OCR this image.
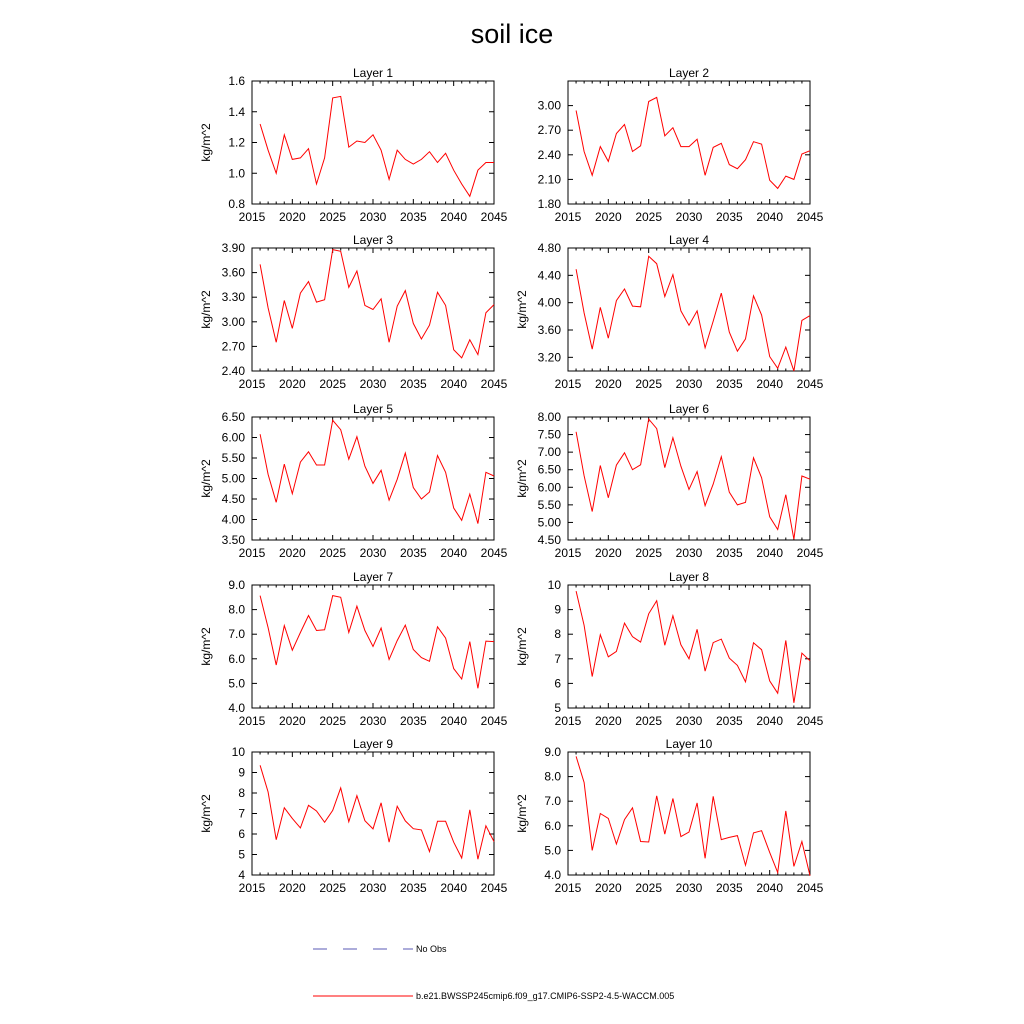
soil ice
Layer 1
2015 2020 2025 2030 2035 2040 2045
0.8
1.0
1.2
1.4
1.6
kg/m^2
Layer 2
2015 2020 2025 2030 2035 2040 2045
1.80
2.10
2.40
2.70
3.00
Layer 3
2015 2020 2025 2030 2035 2040 2045
2.40
2.70
3.00
3.30
3.60
3.90
kg/m^2
Layer 4
2015 2020 2025 2030 2035 2040 2045
3.20
3.60
4.00
4.40
4.80
kg/m^2
Layer 5
2015 2020 2025 2030 2035 2040 2045
3.50
4.00
4.50
5.00
5.50
6.00
6.50
kg/m^2
Layer 6
2015 2020 2025 2030 2035 2040 2045
4.50
5.00
5.50
6.00
6.50
7.00
7.50
8.00
kg/m^2
Layer 7
2015 2020 2025 2030 2035 2040 2045
4.0
5.0
6.0
7.0
8.0
9.0
kg/m^2
Layer 8
2015 2020 2025 2030 2035 2040 2045
5
6
7
8
9
10
kg/m^2
Layer 9
2015 2020 2025 2030 2035 2040 2045
4
5
6
7
8
9
10
kg/m^2
Layer 10
2015 2020 2025 2030 2035 2040 2045
4.0
5.0
6.0
7.0
8.0
9.0
kg/m^2
No Obs
b.e21.BWSSP245cmip6.f09_g17.CMIP6-SSP2-4.5-WACCM.005
